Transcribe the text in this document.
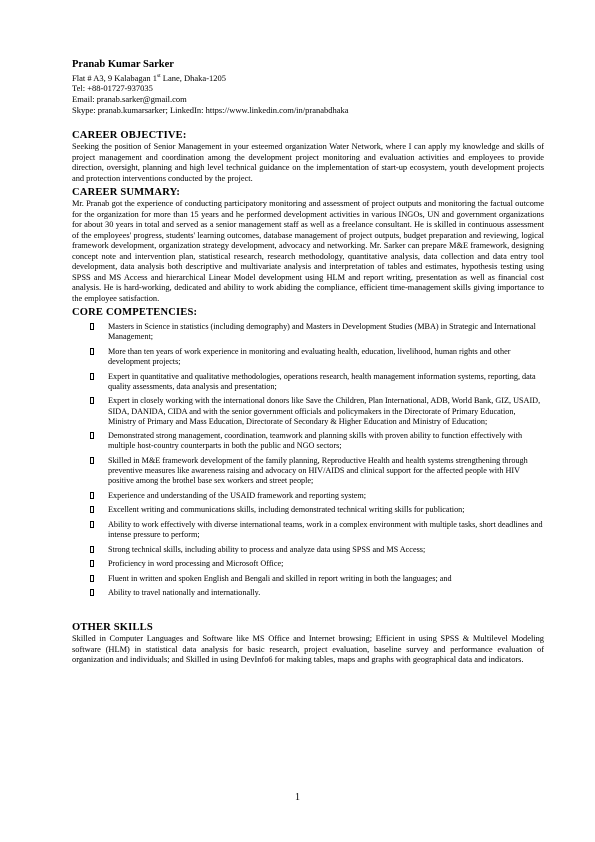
Pranab Kumar Sarker

Flat # A3, 9 Kalabagan 1st Lane, Dhaka-1205
Tel: +88-01727-937035
Email: pranab.sarker@gmail.com
Skype: pranab.kumarsarker; LinkedIn: https://www.linkedin.com/in/pranabdhaka
CAREER OBJECTIVE:

Seeking the position of Senior Management in your esteemed organization Water Network, where I can apply my knowledge and skills of project management and coordination among the development project monitoring and evaluation activities and employees to provide direction, oversight, planning and high level technical guidance on the implementation of start-up ecosystem, youth development projects and protection interventions conducted by the project.

CAREER SUMMARY:

Mr. Pranab got the experience of conducting participatory monitoring and assessment of project outputs and monitoring the factual outcome for the organization for more than 15 years and he performed development activities in various INGOs, UN and government organizations for about 30 years in total and served as a senior management staff as well as a freelance consultant. He is skilled in continuous assessment of the employees' progress, students' learning outcomes, database management of project outputs, budget preparation and reviewing, logical framework development, organization strategy development, advocacy and networking. Mr. Sarker can prepare M&E framework, designing concept note and intervention plan, statistical research, research methodology, quantitative analysis, data collection and data entry tool development, data analysis both descriptive and multivariate analysis and interpretation of tables and estimates, hypothesis testing using SPSS and MS Access and hierarchical Linear Model development using HLM and report writing, presentation as well as financial cost analysis. He is hard-working, dedicated and ability to work abiding the compliance, efficient time-management skills giving importance to the employee satisfaction.

CORE COMPETENCIES:
Masters in Science in statistics (including demography) and Masters in Development Studies (MBA) in Strategic and International Management;
More than ten years of work experience in monitoring and evaluating health, education, livelihood, human rights and other development projects;
Expert in quantitative and qualitative methodologies, operations research, health management information systems, reporting, data quality assessments, data analysis and presentation;
Expert in closely working with the international donors like Save the Children, Plan International, ADB, World Bank, GIZ, USAID, SIDA, DANIDA, CIDA and with the senior government officials and policymakers in the Directorate of Primary Education, Ministry of Primary and Mass Education, Directorate of Secondary & Higher Education and Ministry of Education;
Demonstrated strong management, coordination, teamwork and planning skills with proven ability to function effectively with multiple host-country counterparts in both the public and NGO sectors;
Skilled in M&E framework development of the family planning, Reproductive Health and health systems strengthening through preventive measures like awareness raising and advocacy on HIV/AIDS and clinical support for the affected people with HIV positive among the brothel base sex workers and street people;
Experience and understanding of the USAID framework and reporting system;
Excellent writing and communications skills, including demonstrated technical writing skills for publication;
Ability to work effectively with diverse international teams, work in a complex environment with multiple tasks, short deadlines and intense pressure to perform;
Strong technical skills, including ability to process and analyze data using SPSS and MS Access;
Proficiency in word processing and Microsoft Office;
Fluent in written and spoken English and Bengali and skilled in report writing in both the languages; and
Ability to travel nationally and internationally.
OTHER SKILLS

Skilled in Computer Languages and Software like MS Office and Internet browsing; Efficient in using SPSS & Multilevel Modeling software (HLM) in statistical data analysis for basic research, project evaluation, baseline survey and performance evaluation of organization and individuals; and Skilled in using DevInfo6 for making tables, maps and graphs with geographical data and indicators.

1
